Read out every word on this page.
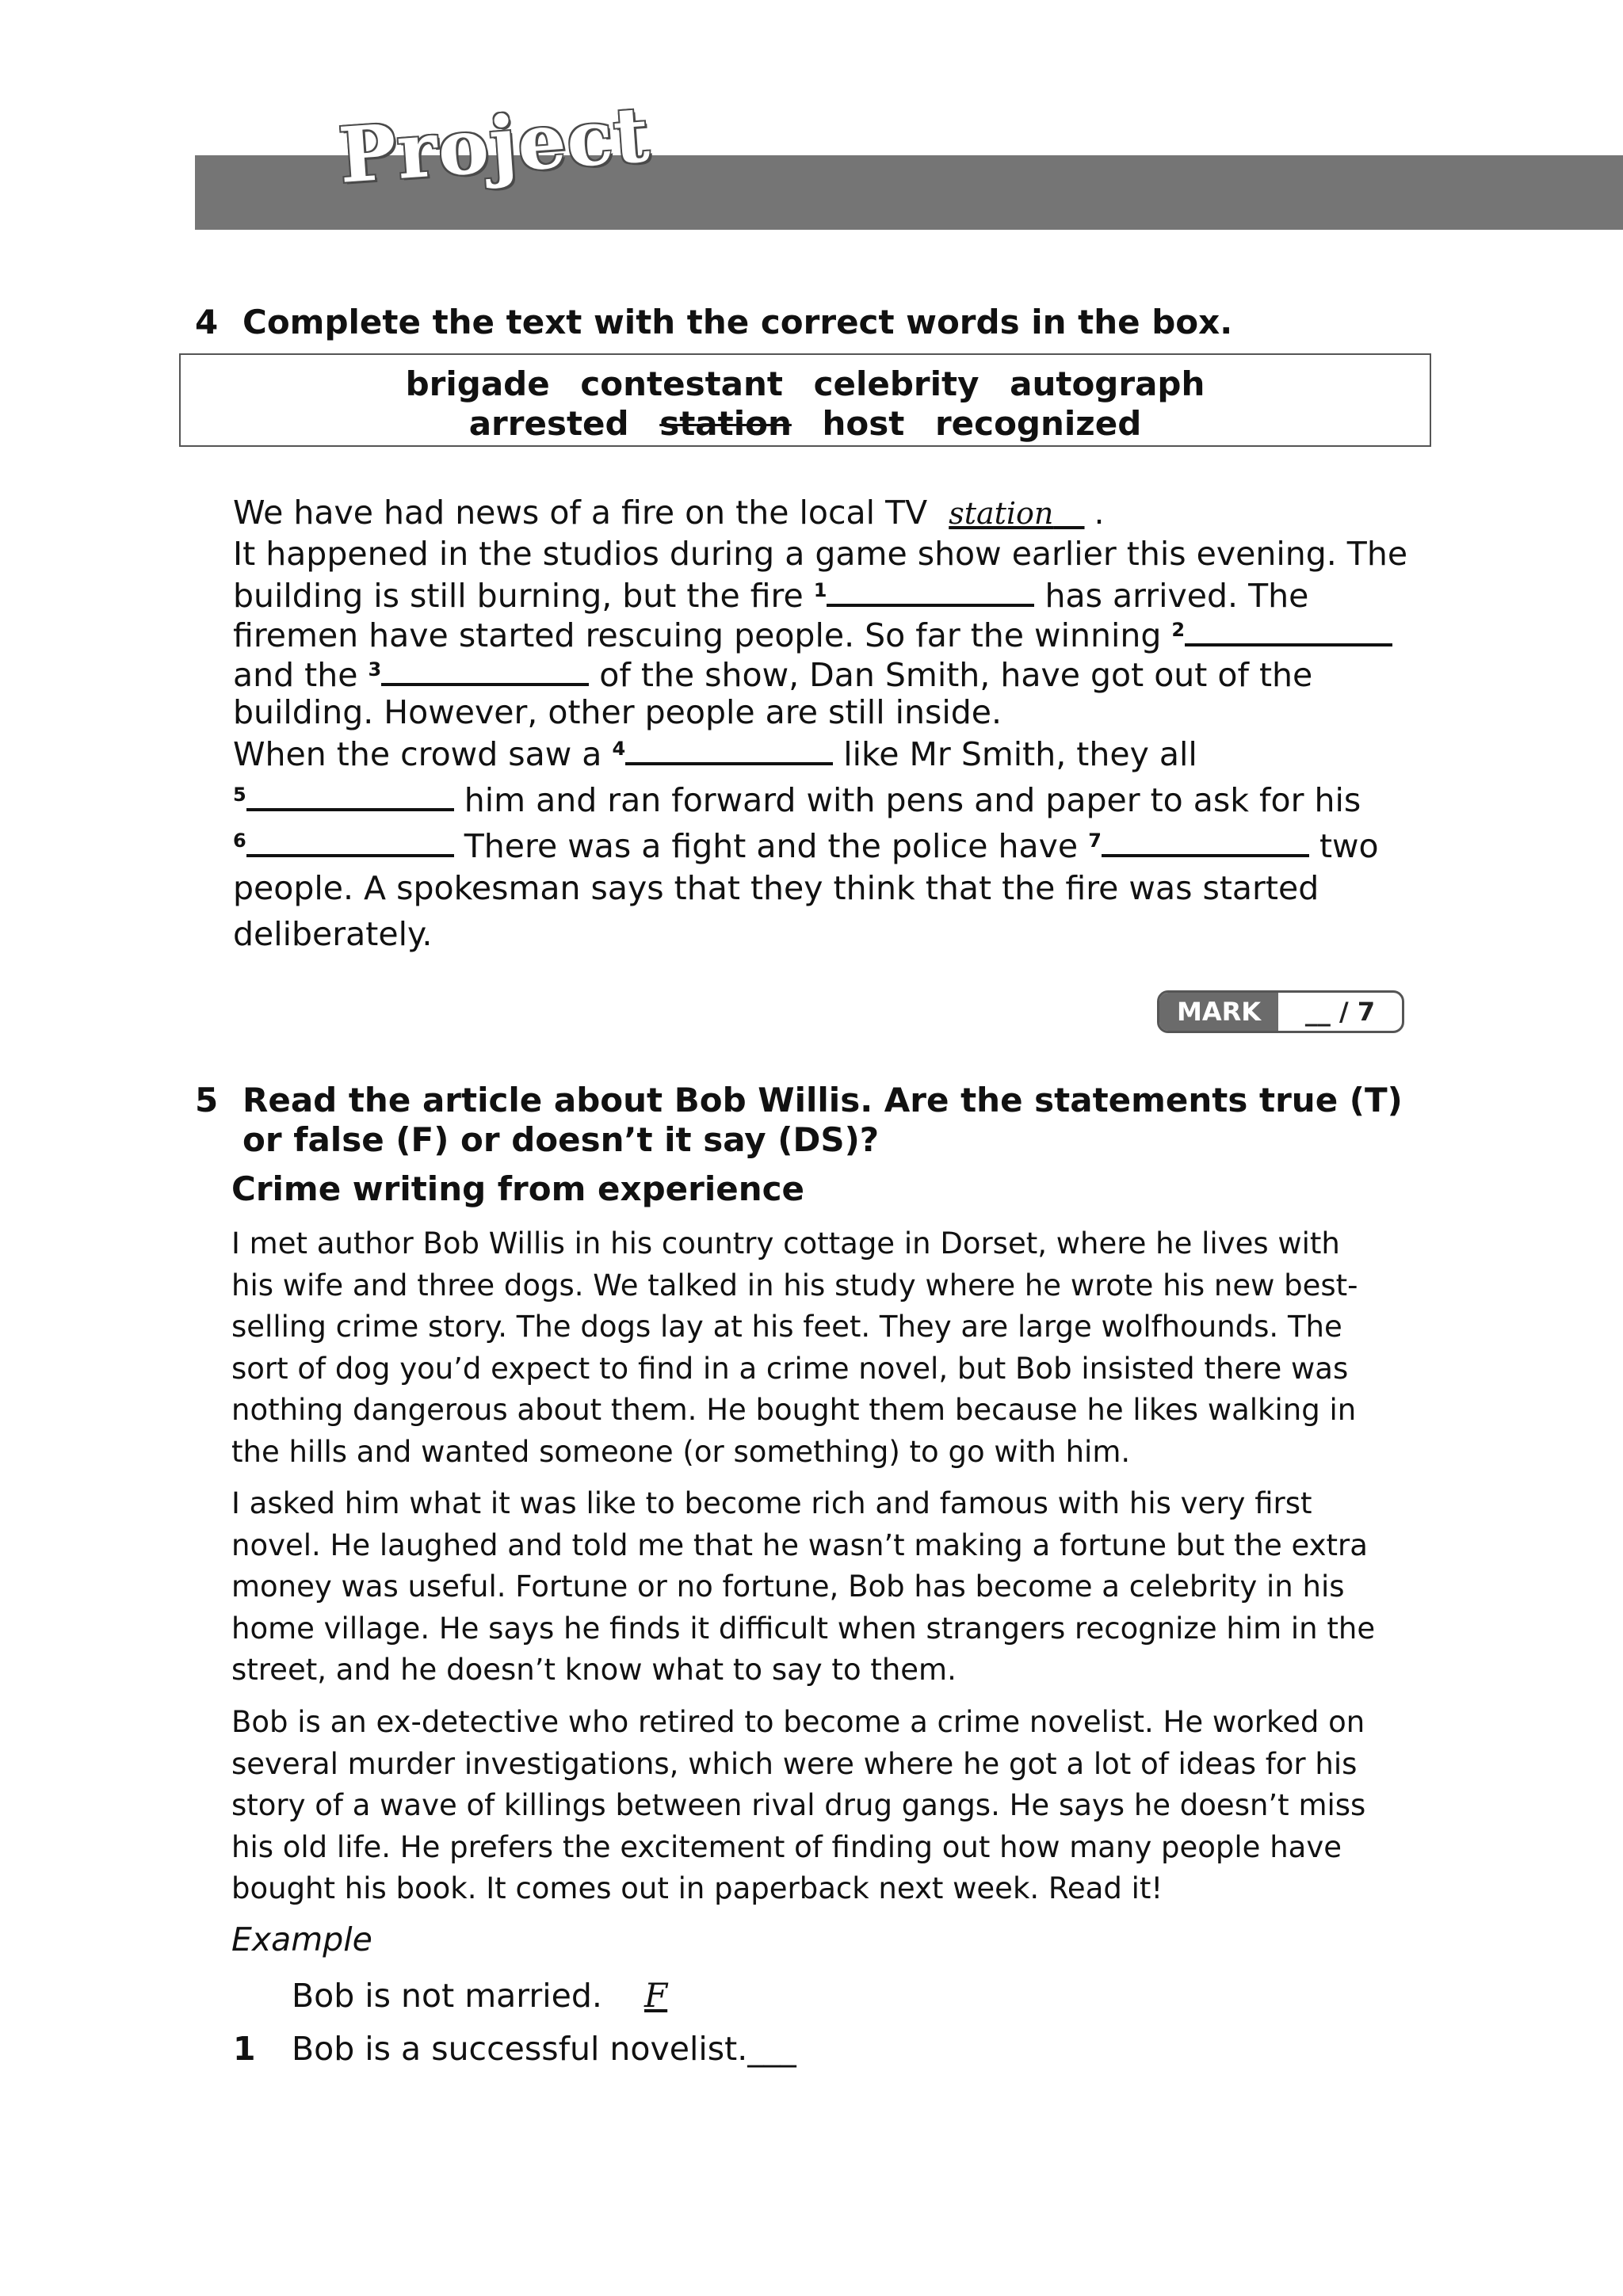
Project
4 Complete the text with the correct words in the box.
brigade contestant celebrity autograph
arrested station host recognized
We have had news of a fire on the local TV station .
It happened in the studios during a game show earlier this evening. The
building is still burning, but the fire $^1$	has arrived. The
firemen have started rescuing people. So far the winning $^2$
and the $^3$	of the show, Dan Smith, have got out of the
building. However, other people are still inside.
When the crowd saw a $^4$	like Mr Smith, they all
$^5$	him and ran forward with pens and paper to ask for his
$^6$	There was a fight and the police have $^7$	two
people. A spokesman says that they think that the fire was started
deliberately.
MARK	__ / 7
5 Read the article about Bob Willis. Are the statements true (T)
or false (F) or doesn’t it say (DS)?
Crime writing from experience
I met author Bob Willis in his country cottage in Dorset, where he lives with
his wife and three dogs. We talked in his study where he wrote his new best-
selling crime story. The dogs lay at his feet. They are large wolfhounds. The
sort of dog you’d expect to find in a crime novel, but Bob insisted there was
nothing dangerous about them. He bought them because he likes walking in
the hills and wanted someone (or something) to go with him.
I asked him what it was like to become rich and famous with his very first
novel. He laughed and told me that he wasn’t making a fortune but the extra
money was useful. Fortune or no fortune, Bob has become a celebrity in his
home village. He says he finds it difficult when strangers recognize him in the
street, and he doesn’t know what to say to them.
Bob is an ex-detective who retired to become a crime novelist. He worked on
several murder investigations, which were where he got a lot of ideas for his
story of a wave of killings between rival drug gangs. He says he doesn’t miss
his old life. He prefers the excitement of finding out how many people have
bought his book. It comes out in paperback next week. Read it!
Example
Bob is not married. F
1 Bob is a successful novelist.___
